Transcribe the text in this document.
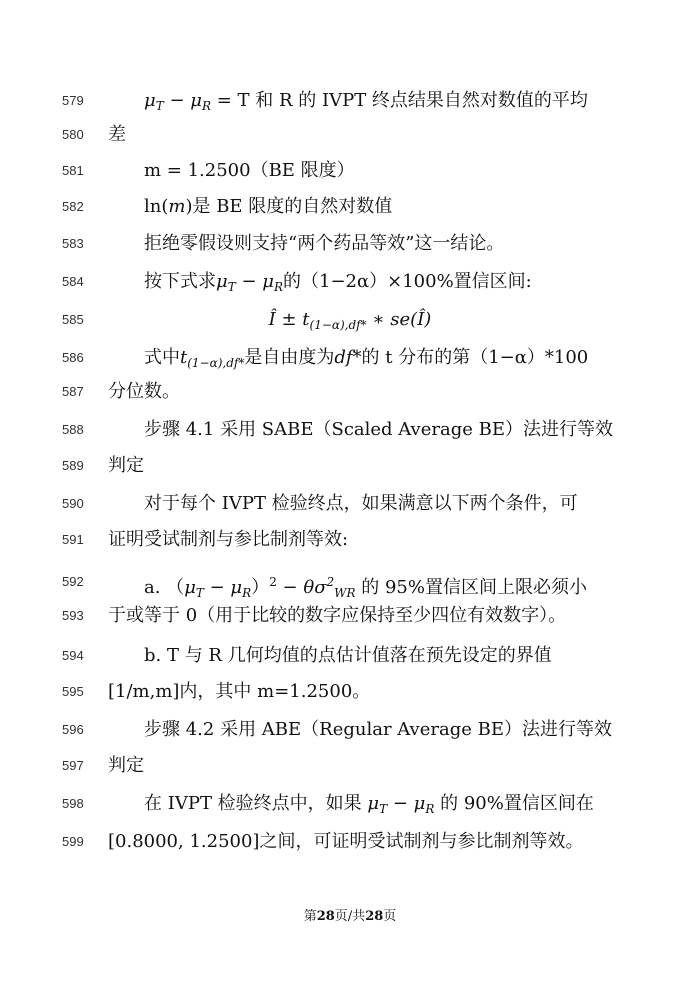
579	$\mu_T - \mu_R = T$ 和 R 的 IVPT 终点结果自然对数值的平均
580	差
581	m = 1.2500（BE 限度）
582	ln(m)是 BE 限度的自然对数值
583	拒绝零假设则支持“两个药品等效”这一结论。
584	按下式求$\mu_T - \mu_R$的（1−2α）×100%置信区间:
585	Î ± $t_{(1-\alpha),df*}$ ∗ se(Î)
586	式中$t_{(1-\alpha),df*}$是自由度为df*的 t 分布的第（1−α）*100
587	分位数。
588	步骤 4.1 采用 SABE（Scaled Average BE）法进行等效
589	判定
590	对于每个 IVPT 检验终点，如果满意以下两个条件，可
591	证明受试制剂与参比制剂等效:
592	a. $(\mu_T - \mu_R)^2 - \theta\sigma^2_{WR}$ 的 95%置信区间上限必须小
593	于或等于 0（用于比较的数字应保持至少四位有效数字）。
594	b. T 与 R 几何均值的点估计值落在预先设定的界值
595	[1/m,m]内，其中 m=1.2500。
596	步骤 4.2 采用 ABE（Regular Average BE）法进行等效
597	判定
598	在 IVPT 检验终点中，如果 $\mu_T - \mu_R$ 的 90%置信区间在
599	[0.8000, 1.2500]之间，可证明受试制剂与参比制剂等效。
第28页/共28页
